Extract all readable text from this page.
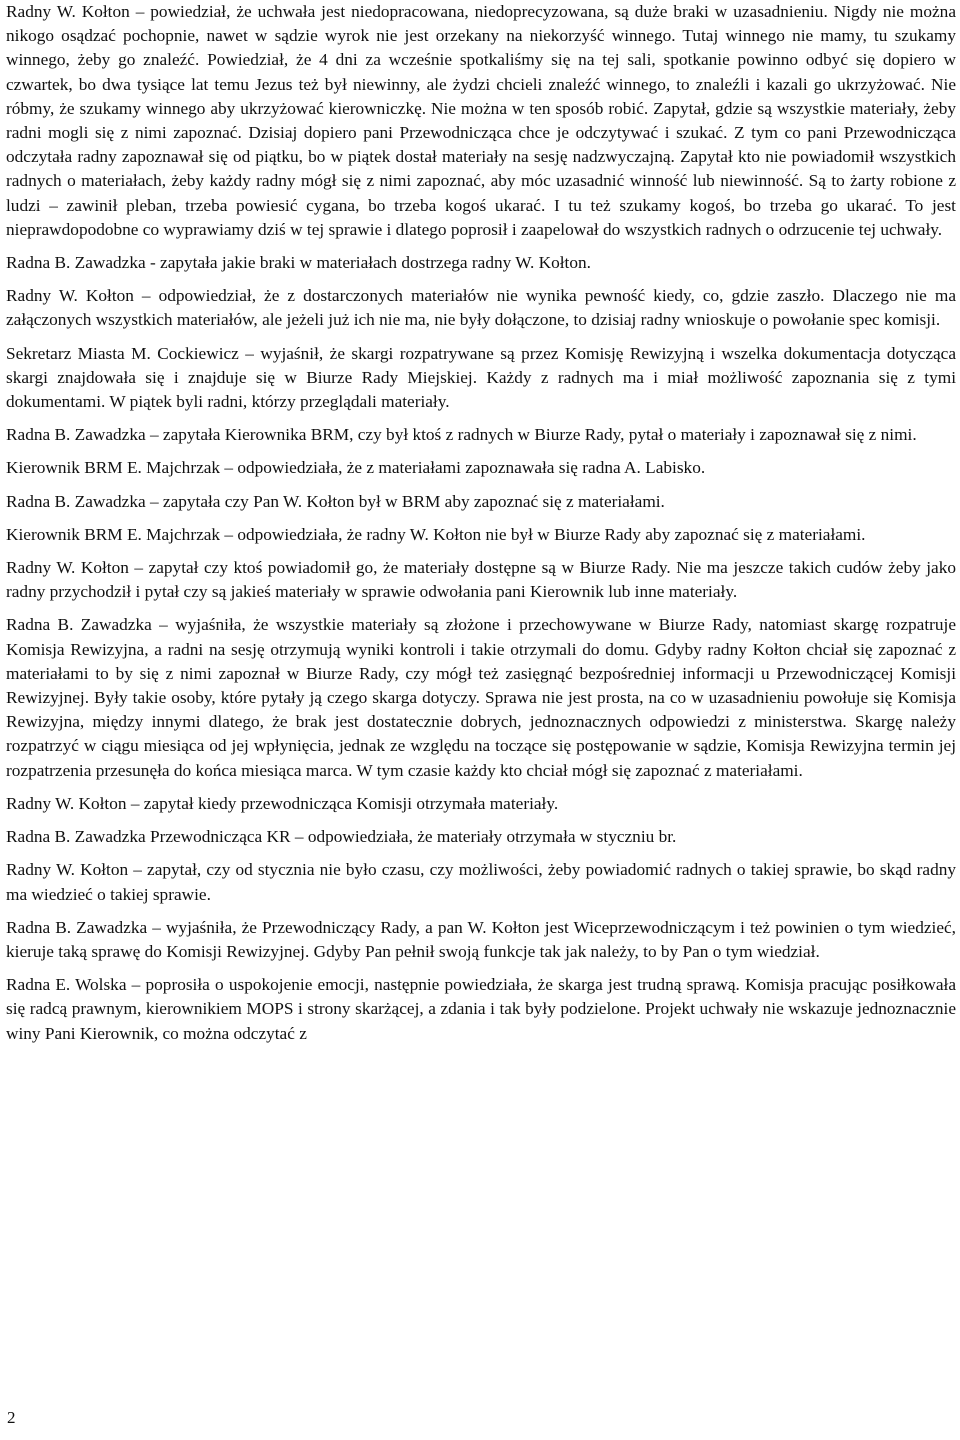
Radny W. Kołton – powiedział, że uchwała jest niedopracowana, niedoprecyzowana, są duże braki w uzasadnieniu. Nigdy nie można nikogo osądzać pochopnie, nawet w sądzie wyrok nie jest orzekany na niekorzyść winnego. Tutaj winnego nie mamy, tu szukamy winnego, żeby go znaleźć. Powiedział, że 4 dni za wcześnie spotkaliśmy się na tej sali, spotkanie powinno odbyć się dopiero w czwartek, bo dwa tysiące lat temu Jezus też był niewinny, ale żydzi chcieli znaleźć winnego, to znaleźli i kazali go ukrzyżować. Nie róbmy, że szukamy winnego aby ukrzyżować kierowniczkę. Nie można w ten sposób robić. Zapytał, gdzie są wszystkie materiały, żeby radni mogli się z nimi zapoznać. Dzisiaj dopiero pani Przewodnicząca chce je odczytywać i szukać. Z tym co pani Przewodnicząca odczytała radny zapoznawał się od piątku, bo w piątek dostał materiały na sesję nadzwyczajną. Zapytał kto nie powiadomił wszystkich radnych o materiałach, żeby każdy radny mógł się z nimi zapoznać, aby móc uzasadnić winność lub niewinność. Są to żarty robione z ludzi – zawinił pleban, trzeba powiesić cygana, bo trzeba kogoś ukarać. I tu też szukamy kogoś, bo trzeba go ukarać. To jest nieprawdopodobne co wyprawiamy dziś w tej sprawie i dlatego poprosił i zaapelował do wszystkich radnych o odrzucenie tej uchwały.

Radna B. Zawadzka - zapytała jakie braki w materiałach dostrzega radny W. Kołton.

Radny W. Kołton – odpowiedział, że z dostarczonych materiałów nie wynika pewność kiedy, co, gdzie zaszło. Dlaczego nie ma załączonych wszystkich materiałów, ale jeżeli już ich nie ma, nie były dołączone, to dzisiaj radny wnioskuje o powołanie spec komisji.

Sekretarz Miasta M. Cockiewicz – wyjaśnił, że skargi rozpatrywane są przez Komisję Rewizyjną i wszelka dokumentacja dotycząca skargi znajdowała się i znajduje się w Biurze Rady Miejskiej. Każdy z radnych ma i miał możliwość zapoznania się z tymi dokumentami. W piątek byli radni, którzy przeglądali materiały.

Radna B. Zawadzka – zapytała Kierownika BRM, czy był ktoś z radnych w Biurze Rady, pytał o materiały i zapoznawał się z nimi.

Kierownik BRM E. Majchrzak – odpowiedziała, że z materiałami zapoznawała się radna A. Labisko.

Radna B. Zawadzka – zapytała czy Pan W. Kołton był w BRM aby zapoznać się z materiałami.

Kierownik BRM E. Majchrzak – odpowiedziała, że radny W. Kołton nie był w Biurze Rady aby zapoznać się z materiałami.

Radny W. Kołton – zapytał czy ktoś powiadomił go, że materiały dostępne są w Biurze Rady. Nie ma jeszcze takich cudów żeby jako radny przychodził i pytał czy są jakieś materiały w sprawie odwołania pani Kierownik lub inne materiały.

Radna B. Zawadzka – wyjaśniła, że wszystkie materiały są złożone i przechowywane w Biurze Rady, natomiast skargę rozpatruje Komisja Rewizyjna, a radni na sesję otrzymują wyniki kontroli i takie otrzymali do domu. Gdyby radny Kołton chciał się zapoznać z materiałami to by się z nimi zapoznał w Biurze Rady, czy mógł też zasięgnąć bezpośredniej informacji u Przewodniczącej Komisji Rewizyjnej. Były takie osoby, które pytały ją czego skarga dotyczy. Sprawa nie jest prosta, na co w uzasadnieniu powołuje się Komisja Rewizyjna, między innymi dlatego, że brak jest dostatecznie dobrych, jednoznacznych odpowiedzi z ministerstwa. Skargę należy rozpatrzyć w ciągu miesiąca od jej wpłynięcia, jednak ze względu na toczące się postępowanie w sądzie, Komisja Rewizyjna termin jej rozpatrzenia przesunęła do końca miesiąca marca. W tym czasie każdy kto chciał mógł się zapoznać z materiałami.

Radny W. Kołton – zapytał kiedy przewodnicząca Komisji otrzymała materiały.

Radna B. Zawadzka Przewodnicząca KR – odpowiedziała, że materiały otrzymała w styczniu br.

Radny W. Kołton – zapytał, czy od stycznia nie było czasu, czy możliwości, żeby powiadomić radnych o takiej sprawie, bo skąd radny ma wiedzieć o takiej sprawie.

Radna B. Zawadzka – wyjaśniła, że Przewodniczący Rady, a pan W. Kołton jest Wiceprzewodniczącym i też powinien o tym wiedzieć, kieruje taką sprawę do Komisji Rewizyjnej. Gdyby Pan pełnił swoją funkcje tak jak należy, to by Pan o tym wiedział.

Radna E. Wolska – poprosiła o uspokojenie emocji, następnie powiedziała, że skarga jest trudną sprawą. Komisja pracując posiłkowała się radcą prawnym, kierownikiem MOPS i strony skarżącej, a zdania i tak były podzielone. Projekt uchwały nie wskazuje jednoznacznie winy Pani Kierownik, co można odczytać z

2
